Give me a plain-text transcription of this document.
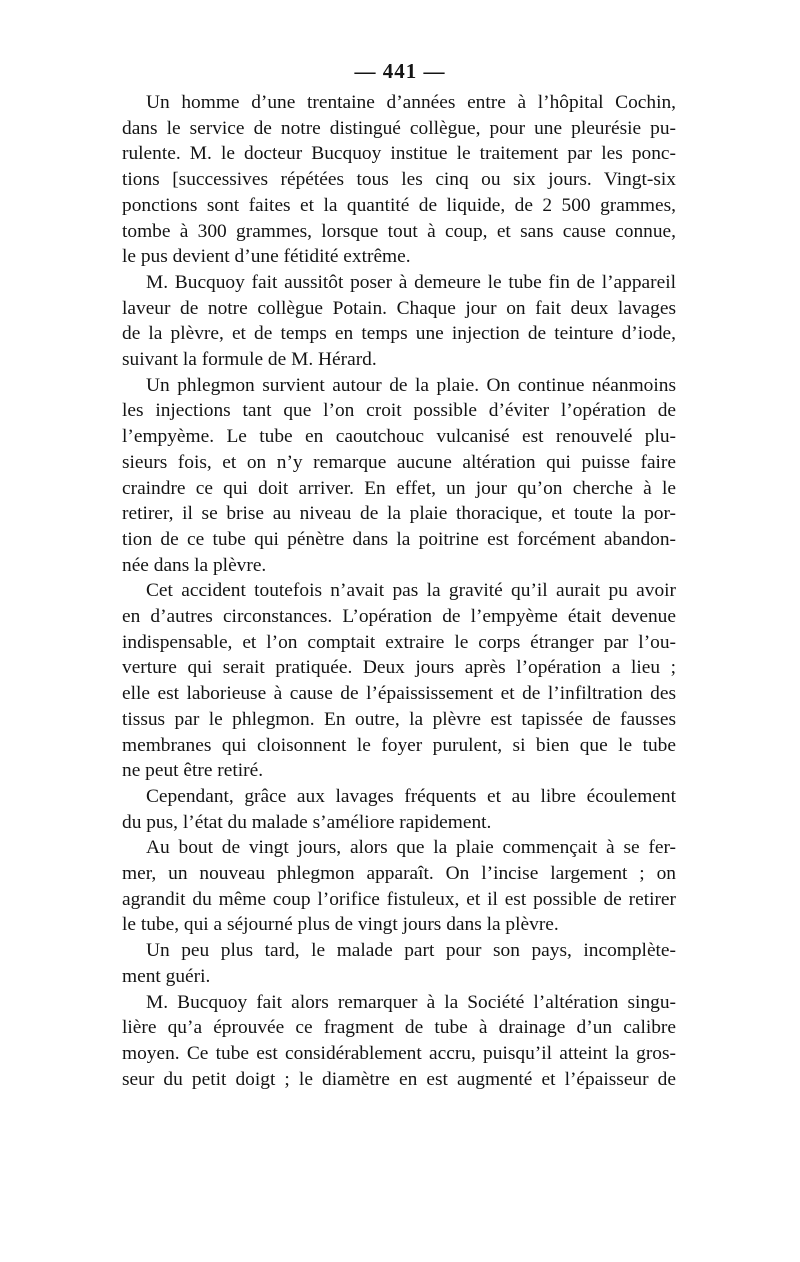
— 441 —
Un homme d’une trentaine d’années entre à l’hôpital Cochin,
dans le service de notre distingué collègue, pour une pleurésie pu-
rulente. M. le docteur Bucquoy institue le traitement par les ponc-
tions [successives répétées tous les cinq ou six jours. Vingt-six
ponctions sont faites et la quantité de liquide, de 2 500 grammes,
tombe à 300 grammes, lorsque tout à coup, et sans cause connue,
le pus devient d’une fétidité extrême.
M. Bucquoy fait aussitôt poser à demeure le tube fin de l’appareil
laveur de notre collègue Potain. Chaque jour on fait deux lavages
de la plèvre, et de temps en temps une injection de teinture d’iode,
suivant la formule de M. Hérard.
Un phlegmon survient autour de la plaie. On continue néanmoins
les injections tant que l’on croit possible d’éviter l’opération de
l’empyème. Le tube en caoutchouc vulcanisé est renouvelé plu-
sieurs fois, et on n’y remarque aucune altération qui puisse faire
craindre ce qui doit arriver. En effet, un jour qu’on cherche à le
retirer, il se brise au niveau de la plaie thoracique, et toute la por-
tion de ce tube qui pénètre dans la poitrine est forcément abandon-
née dans la plèvre.
Cet accident toutefois n’avait pas la gravité qu’il aurait pu avoir
en d’autres circonstances. L’opération de l’empyème était devenue
indispensable, et l’on comptait extraire le corps étranger par l’ou-
verture qui serait pratiquée. Deux jours après l’opération a lieu ;
elle est laborieuse à cause de l’épaississement et de l’infiltration des
tissus par le phlegmon. En outre, la plèvre est tapissée de fausses
membranes qui cloisonnent le foyer purulent, si bien que le tube
ne peut être retiré.
Cependant, grâce aux lavages fréquents et au libre écoulement
du pus, l’état du malade s’améliore rapidement.
Au bout de vingt jours, alors que la plaie commençait à se fer-
mer, un nouveau phlegmon apparaît. On l’incise largement ; on
agrandit du même coup l’orifice fistuleux, et il est possible de retirer
le tube, qui a séjourné plus de vingt jours dans la plèvre.
Un peu plus tard, le malade part pour son pays, incomplète-
ment guéri.
M. Bucquoy fait alors remarquer à la Société l’altération singu-
lière qu’a éprouvée ce fragment de tube à drainage d’un calibre
moyen. Ce tube est considérablement accru, puisqu’il atteint la gros-
seur du petit doigt ; le diamètre en est augmenté et l’épaisseur de
